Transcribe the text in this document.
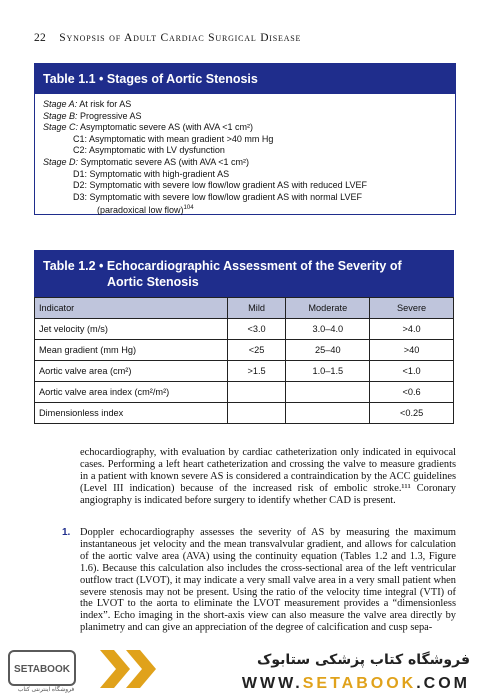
22 Synopsis of Adult Cardiac Surgical Disease
Table 1.1 • Stages of Aortic Stenosis
Stage A: At risk for AS
Stage B: Progressive AS
Stage C: Asymptomatic severe AS (with AVA <1 cm²)
C1: Asymptomatic with mean gradient >40 mm Hg
C2: Asymptomatic with LV dysfunction
Stage D: Symptomatic severe AS (with AVA <1 cm²)
D1: Symptomatic with high-gradient AS
D2: Symptomatic with severe low flow/low gradient AS with reduced LVEF
D3: Symptomatic with severe low flow/low gradient AS with normal LVEF
(paradoxical low flow)$^{104}$
Table 1.2 • Echocardiographic Assessment of the Severity of
Aortic Stenosis
Indicator	Mild	Moderate	Severe
Jet velocity (m/s)	<3.0	3.0–4.0	>4.0
Mean gradient (mm Hg)	<25	25–40	>40
Aortic valve area (cm²)	>1.5	1.0–1.5	<1.0
Aortic valve area index (cm²/m²)			<0.6
Dimensionless index			<0.25
echocardiography, with evaluation by cardiac catheterization only indicated in equivocal cases. Performing a left heart catheterization and crossing the valve to measure gradients in a patient with known severe AS is considered a contraindication by the ACC guidelines (Level III indication) because of the increased risk of embolic stroke.¹¹¹ Coronary angiography is indicated before surgery to identify whether CAD is present.
1. Doppler echocardiography assesses the severity of AS by measuring the maximum instantaneous jet velocity and the mean transvalvular gradient, and allows for calculation of the aortic valve area (AVA) using the continuity equation (Tables 1.2 and 1.3, Figure 1.6). Because this calculation also includes the cross-sectional area of the left ventricular outflow tract (LVOT), it may indicate a very small valve area in a very small patient when severe stenosis may not be present. Using the ratio of the velocity time integral (VTI) of the LVOT to the aorta to eliminate the LVOT measurement provides a “dimensionless index”. Echo imaging in the short-axis view can also measure the valve area directly by planimetry and can give an appreciation of the degree of calcification and cusp sepa-
SETABOOK
فروشگاه اینترنتی کتاب
فروشگاه کتاب پزشکی ستابوک
WWW.SETABOOK.COM
